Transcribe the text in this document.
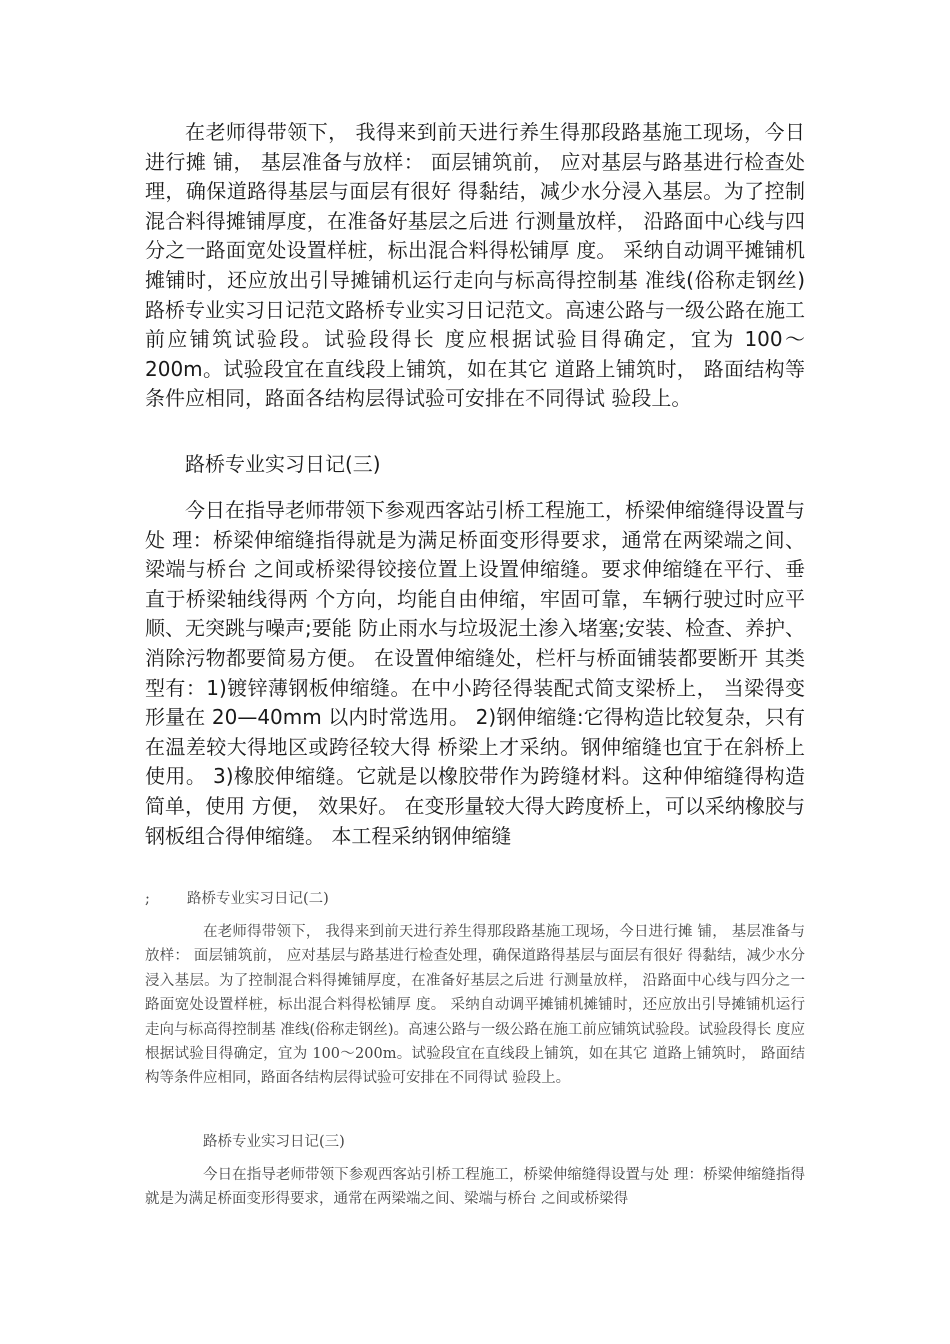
在老师得带领下， 我得来到前天进行养生得那段路基施工现场，今日进行摊 铺， 基层准备与放样： 面层铺筑前， 应对基层与路基进行检查处理，确保道路得基层与面层有很好 得黏结，减少水分浸入基层。为了控制混合料得摊铺厚度，在准备好基层之后进 行测量放样， 沿路面中心线与四分之一路面宽处设置样桩，标出混合料得松铺厚 度。 采纳自动调平摊铺机摊铺时，还应放出引导摊铺机运行走向与标高得控制基 准线(俗称走钢丝)路桥专业实习日记范文路桥专业实习日记范文。高速公路与一级公路在施工前应铺筑试验段。试验段得长 度应根据试验目得确定，宜为 100～200m。试验段宜在直线段上铺筑，如在其它 道路上铺筑时， 路面结构等条件应相同，路面各结构层得试验可安排在不同得试 验段上。

路桥专业实习日记(三)

今日在指导老师带领下参观西客站引桥工程施工，桥梁伸缩缝得设置与处 理：桥梁伸缩缝指得就是为满足桥面变形得要求，通常在两梁端之间、梁端与桥台 之间或桥梁得铰接位置上设置伸缩缝。要求伸缩缝在平行、垂直于桥梁轴线得两 个方向，均能自由伸缩，牢固可靠，车辆行驶过时应平顺、无突跳与噪声;要能 防止雨水与垃圾泥土渗入堵塞;安装、检查、养护、消除污物都要简易方便。 在设置伸缩缝处，栏杆与桥面铺装都要断开 其类型有：1)镀锌薄钢板伸缩缝。在中小跨径得装配式简支梁桥上， 当梁得变形量在 20—40mm 以内时常选用。 2)钢伸缩缝:它得构造比较复杂，只有在温差较大得地区或跨径较大得 桥梁上才采纳。钢伸缩缝也宜于在斜桥上使用。 3)橡胶伸缩缝。它就是以橡胶带作为跨缝材料。这种伸缩缝得构造简单，使用 方便， 效果好。 在变形量较大得大跨度桥上，可以采纳橡胶与钢板组合得伸缩缝。 本工程采纳钢伸缩缝

;	路桥专业实习日记(二)

在老师得带领下， 我得来到前天进行养生得那段路基施工现场，今日进行摊 铺， 基层准备与放样： 面层铺筑前， 应对基层与路基进行检查处理，确保道路得基层与面层有很好 得黏结，减少水分浸入基层。为了控制混合料得摊铺厚度，在准备好基层之后进 行测量放样， 沿路面中心线与四分之一路面宽处设置样桩，标出混合料得松铺厚 度。 采纳自动调平摊铺机摊铺时，还应放出引导摊铺机运行走向与标高得控制基 准线(俗称走钢丝)。高速公路与一级公路在施工前应铺筑试验段。试验段得长 度应根据试验目得确定，宜为 100～200m。试验段宜在直线段上铺筑，如在其它 道路上铺筑时， 路面结构等条件应相同，路面各结构层得试验可安排在不同得试 验段上。

路桥专业实习日记(三)

今日在指导老师带领下参观西客站引桥工程施工，桥梁伸缩缝得设置与处 理：桥梁伸缩缝指得就是为满足桥面变形得要求，通常在两梁端之间、梁端与桥台 之间或桥梁得
